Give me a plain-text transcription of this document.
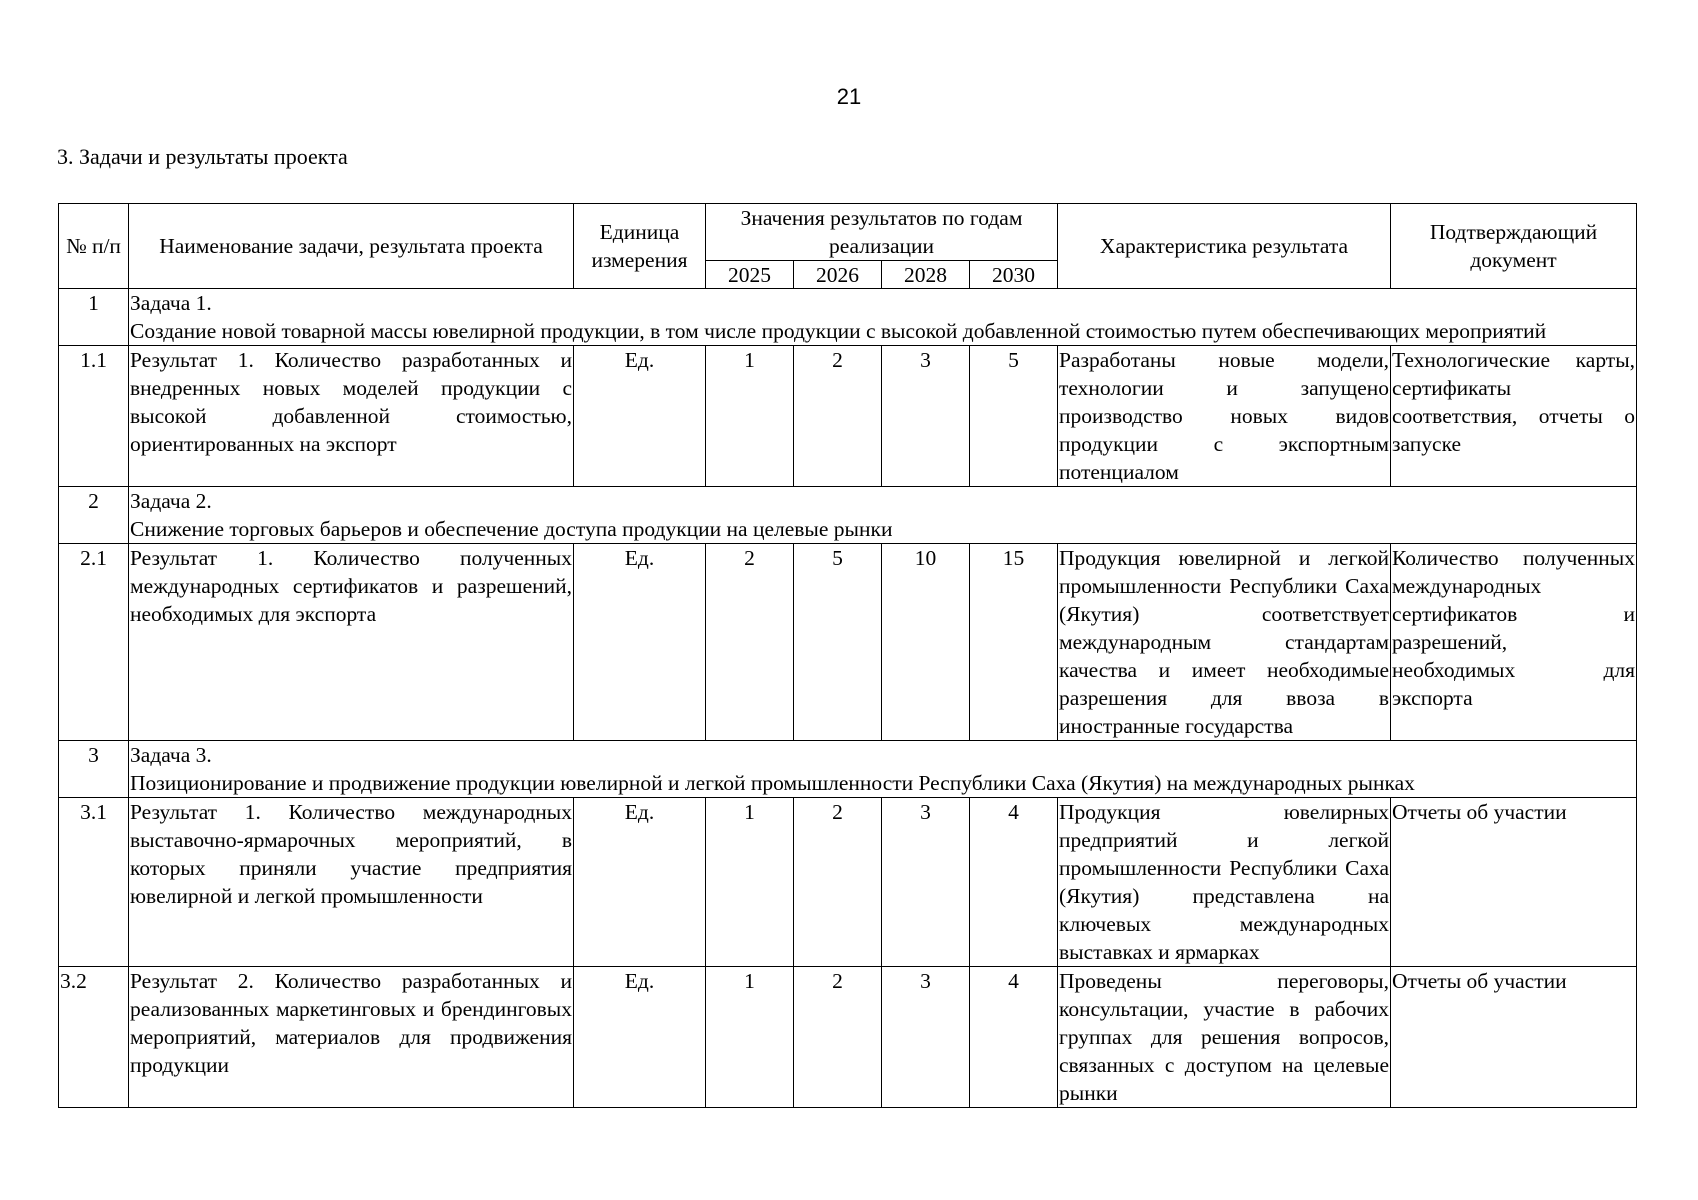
21
3. Задачи и результаты проекта
№ п/п	Наименование задачи, результата проекта	Единица измерения	Значения результатов по годам реализации				Характеристика результата	Подтверждающий документ
			2025	2026	2028	2030		
1	Задача 1.
Создание новой товарной массы ювелирной продукции, в том числе продукции с высокой добавленной стоимостью путем обеспечивающих мероприятий							

1.1	Результат 1. Количество разработанных и внедренных новых моделей продукции с высокой добавленной стоимостью, ориентированных на экспорт	Ед.	1	2	3	5	Разработаны новые модели, технологии и запущено производство новых видов продукции с экспортным потенциалом	Технологические карты, сертификаты соответствия, отчеты о запуске
2	Задача 2.
Снижение торговых барьеров и обеспечение доступа продукции на целевые рынки							

2.1	Результат 1. Количество полученных международных сертификатов и разрешений, необходимых для экспорта	Ед.	2	5	10	15	Продукция ювелирной и легкой промышленности Республики Саха (Якутия) соответствует международным стандартам качества и имеет необходимые разрешения для ввоза в иностранные государства	Количество полученных международных сертификатов и разрешений, необходимых для экспорта
3	Задача 3.
Позиционирование и продвижение продукции ювелирной и легкой промышленности Республики Саха (Якутия) на международных рынках							

3.1	Результат 1. Количество международных выставочно-ярмарочных мероприятий, в которых приняли участие предприятия ювелирной и легкой промышленности	Ед.	1	2	3	4	Продукция ювелирных предприятий и легкой промышленности Республики Саха (Якутия) представлена на ключевых международных выставках и ярмарках	Отчеты об участии
3.2	Результат 2. Количество разработанных и реализованных маркетинговых и брендинговых мероприятий, материалов для продвижения продукции	Ед.	1	2	3	4	Проведены переговоры, консультации, участие в рабочих группах для решения вопросов, связанных с доступом на целевые рынки	Отчеты об участии
